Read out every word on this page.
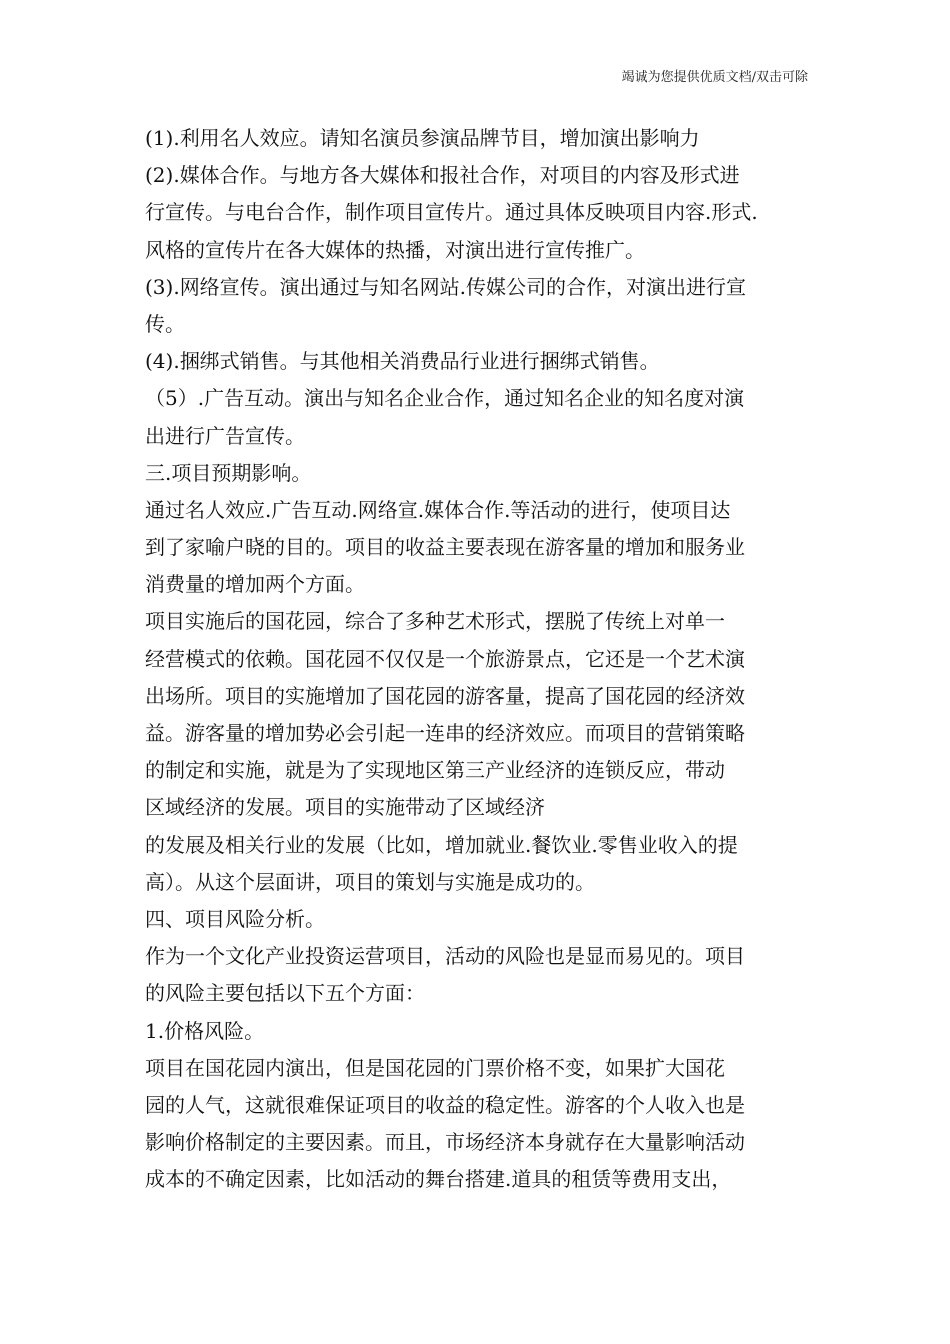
竭诚为您提供优质文档/双击可除
(1).利用名人效应。请知名演员参演品牌节目，增加演出影响力
(2).媒体合作。与地方各大媒体和报社合作，对项目的内容及形式进
行宣传。与电台合作，制作项目宣传片。通过具体反映项目内容.形式.
风格的宣传片在各大媒体的热播，对演出进行宣传推广。
(3).网络宣传。演出通过与知名网站.传媒公司的合作，对演出进行宣
传。
(4).捆绑式销售。与其他相关消费品行业进行捆绑式销售。
（5）.广告互动。演出与知名企业合作，通过知名企业的知名度对演
出进行广告宣传。
三.项目预期影响。
通过名人效应.广告互动.网络宣.媒体合作.等活动的进行，使项目达
到了家喻户晓的目的。项目的收益主要表现在游客量的增加和服务业
消费量的增加两个方面。
项目实施后的国花园，综合了多种艺术形式，摆脱了传统上对单一
经营模式的依赖。国花园不仅仅是一个旅游景点，它还是一个艺术演
出场所。项目的实施增加了国花园的游客量，提高了国花园的经济效
益。游客量的增加势必会引起一连串的经济效应。而项目的营销策略
的制定和实施，就是为了实现地区第三产业经济的连锁反应，带动
区域经济的发展。项目的实施带动了区域经济
的发展及相关行业的发展（比如，增加就业.餐饮业.零售业收入的提
高）。从这个层面讲，项目的策划与实施是成功的。
四、项目风险分析。
作为一个文化产业投资运营项目，活动的风险也是显而易见的。项目
的风险主要包括以下五个方面：
1.价格风险。
项目在国花园内演出，但是国花园的门票价格不变，如果扩大国花
园的人气，这就很难保证项目的收益的稳定性。游客的个人收入也是
影响价格制定的主要因素。而且，市场经济本身就存在大量影响活动
成本的不确定因素，比如活动的舞台搭建.道具的租赁等费用支出，
